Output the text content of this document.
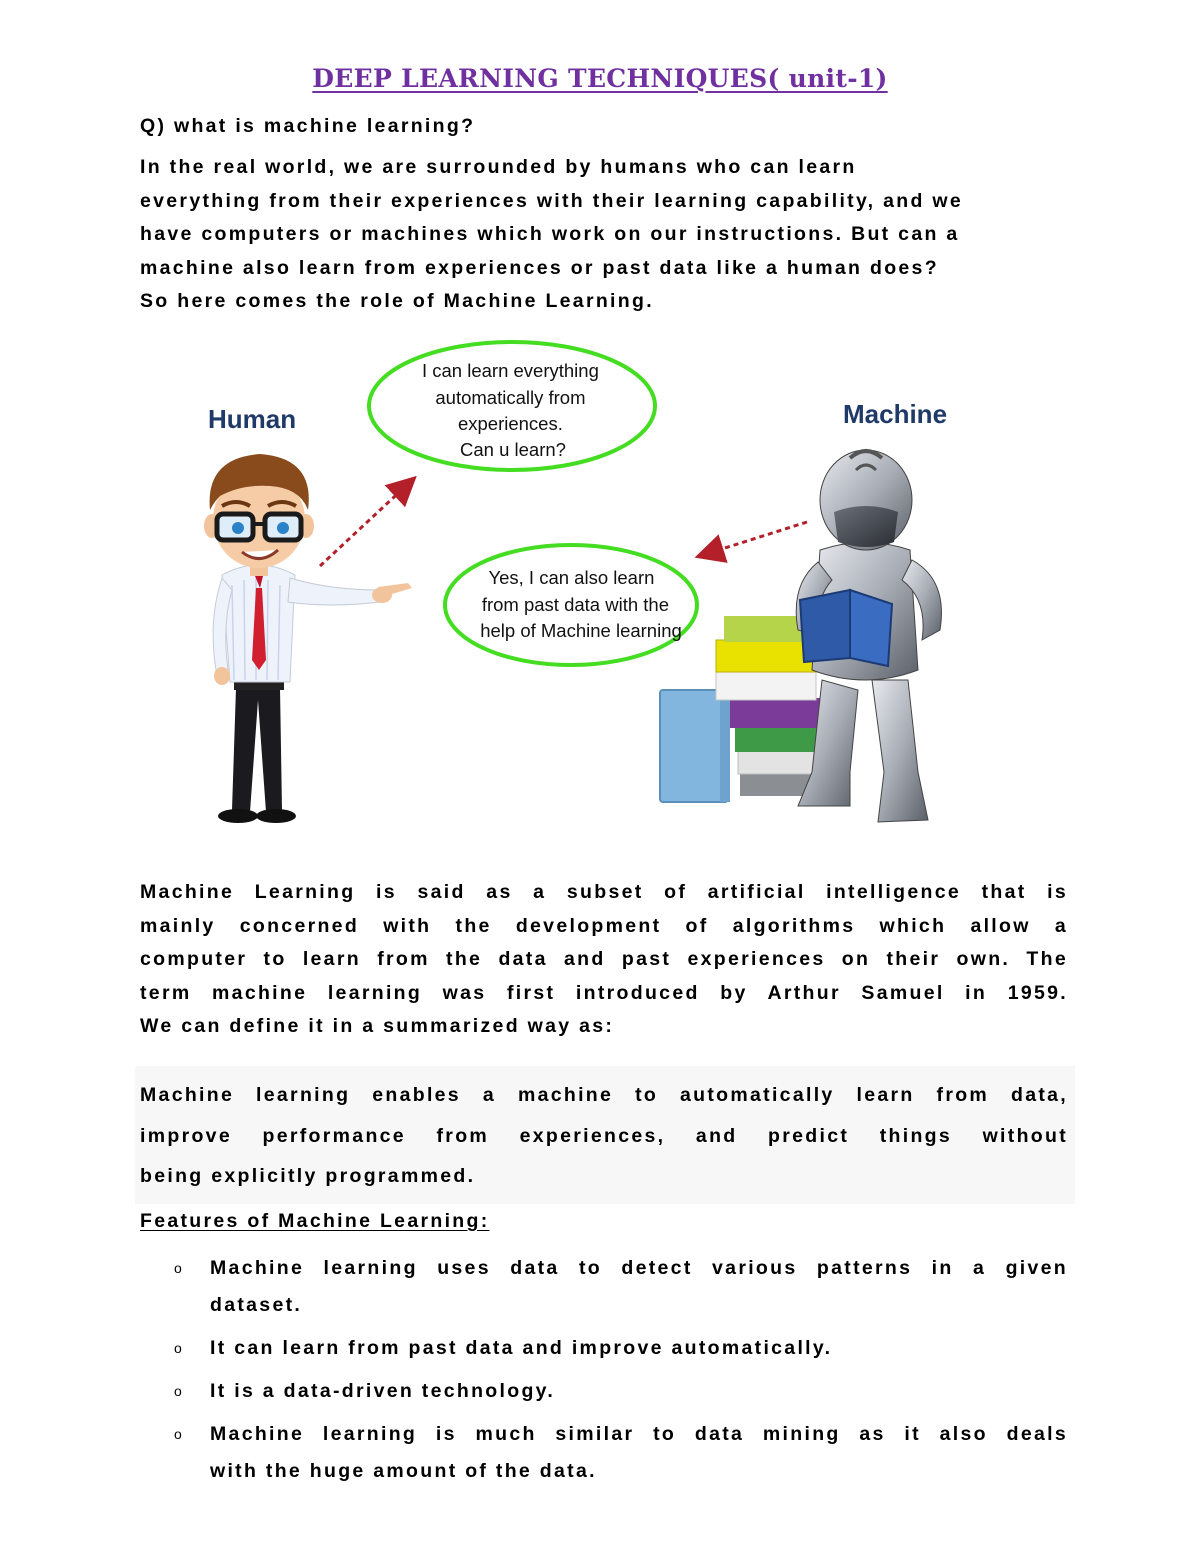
DEEP LEARNING TECHNIQUES( unit-1)
Q) what is machine learning?
In the real world, we are surrounded by humans who can learn
everything from their experiences with their learning capability, and we
have computers or machines which work on our instructions. But can a
machine also learn from experiences or past data like a human does?
So here comes the role of Machine Learning.
Human	Machine
I can learn everything automatically from experiences. Can u learn?
Yes, I can also learn from past data with the help of Machine learning
Machine Learning is said as a subset of artificial intelligence that is
mainly concerned with the development of algorithms which allow a
computer to learn from the data and past experiences on their own. The
term machine learning was first introduced by Arthur Samuel in 1959.
We can define it in a summarized way as:
Machine learning enables a machine to automatically learn from data,
improve performance from experiences, and predict things without
being explicitly programmed.
Features of Machine Learning:
o Machine learning uses data to detect various patterns in a given
dataset.
o It can learn from past data and improve automatically.
o It is a data-driven technology.
o Machine learning is much similar to data mining as it also deals
with the huge amount of the data.
